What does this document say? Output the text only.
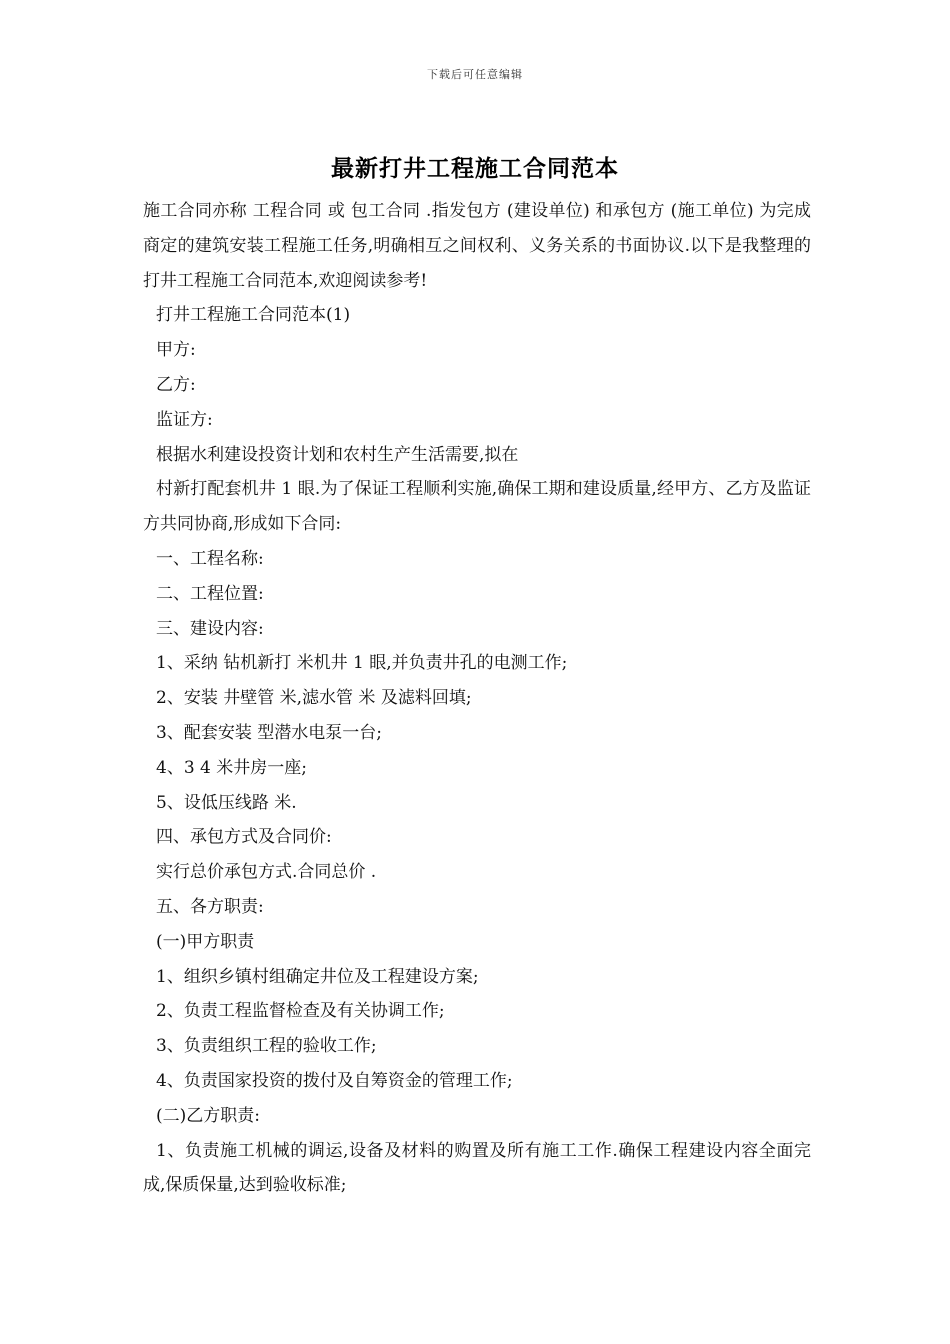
下载后可任意编辑
最新打井工程施工合同范本

施工合同亦称 工程合同 或 包工合同 .指发包方 (建设单位) 和承包方 (施工单位) 为完成商定的建筑安装工程施工任务,明确相互之间权利、义务关系的书面协议.以下是我整理的打井工程施工合同范本,欢迎阅读参考!

打井工程施工合同范本(1)

甲方:

乙方:

监证方:

根据水利建设投资计划和农村生产生活需要,拟在

村新打配套机井 1 眼.为了保证工程顺利实施,确保工期和建设质量,经甲方、乙方及监证方共同协商,形成如下合同:

一、工程名称:

二、工程位置:

三、建设内容:

1、采纳 钻机新打 米机井 1 眼,并负责井孔的电测工作;

2、安装 井壁管 米,滤水管 米 及滤料回填;

3、配套安装 型潜水电泵一台;

4、3 4 米井房一座;

5、设低压线路 米.

四、承包方式及合同价:

实行总价承包方式.合同总价 .

五、各方职责:

(一)甲方职责

1、组织乡镇村组确定井位及工程建设方案;

2、负责工程监督检查及有关协调工作;

3、负责组织工程的验收工作;

4、负责国家投资的拨付及自筹资金的管理工作;

(二)乙方职责:

1、负责施工机械的调运,设备及材料的购置及所有施工工作.确保工程建设内容全面完成,保质保量,达到验收标准;
